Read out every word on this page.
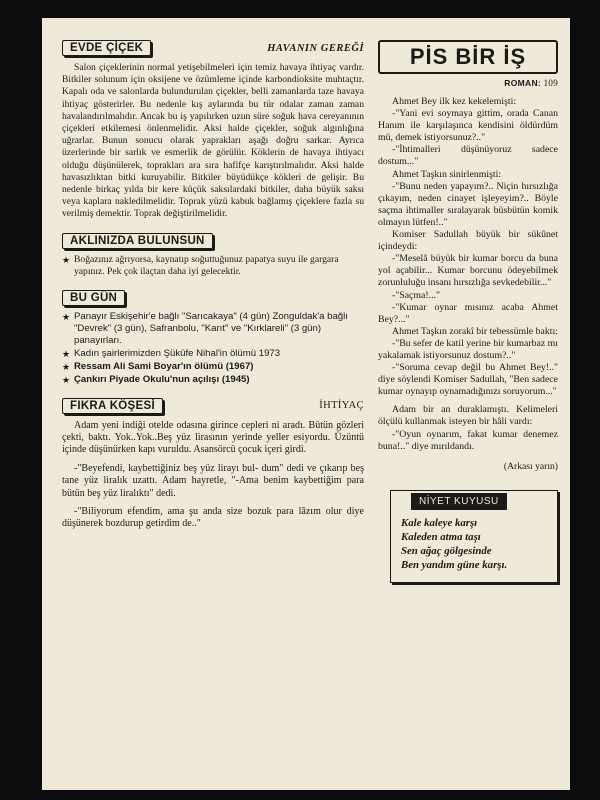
EVDE ÇİÇEK	HAVANIN GEREĞİ

Salon çiçeklerinin normal yetişebilmeleri için temiz havaya ihtiyaç vardır. Bitkiler solunum için oksijene ve özümleme içinde karbondioksite muhtaçtır. Kapalı oda ve salonlarda bulundurulan çiçekler, belli zamanlarda taze havaya ihtiyaç gösterirler. Bu nedenle kış aylarında bu tür odalar zaman zaman havalandırılmalıdır. Ancak bu iş yapılırken uzun süre soğuk hava cereyanının çiçekleri etkilemesi önlenmelidir. Aksi halde çiçekler, soğuk algınlığına uğrarlar. Bunun sonucu olarak yaprakları aşağı doğru sarkar. Ayrıca üzerlerinde bir sarlık ve esmerlik de görülür. Köklerin de havaya ihtiyacı olduğu düşünülerek, toprakları ara sıra hafifçe karıştırılmalıdır. Aksi halde havasızlıktan bitki kuruyabilir. Bitkiler büyüdükçe kökleri de gelişir. Bu nedenle birkaç yılda bir kere küçük saksılardaki bitkiler, daha büyük saksı veya kaplara nakledilmelidir. Toprak yüzü kabuk bağlamış çiçeklere fazla su verilmiş demektir. Toprak değiştirilmelidir.

AKLINIZDA BULUNSUN
★ Boğazınız ağrıyorsa, kaynatıp soğuttuğunuz papatya suyu ile gargara yapınız. Pek çok ilaçtan daha iyi gelecektir.
BU GÜN
★ Panayır Eskişehir'e bağlı "Sarıcakaya" (4 gün) Zonguldak'a bağlı "Devrek" (3 gün), Safranbolu, "Karıt" ve "Kırklareli" (3 gün) panayırları.
★ Kadın şairlerimizden Şüküfe Nihal'in ölümü 1973
★ Ressam Ali Sami Boyar'ın ölümü (1967)
★ Çankırı Piyade Okulu'nun açılışı (1945)
FIKRA KÖŞESİ	İHTİYAÇ

Adam yeni indiği otelde odasına girince cepleri ni aradı. Bütün gözleri çekti, baktı. Yok..Yok..Beş yüz lirasının yerinde yeller esiyordu. Üzüntü içinde düşünürken kapı vuruldu. Asansörcü çocuk içeri girdi.

-"Beyefendi, kaybettiğiniz beş yüz lirayı bul- dum" dedi ve çıkarıp beş tane yüz liralık uzattı. Adam hayretle, "-Ama benim kaybettiğim para bütün beş yüz liralıktı" dedi.

-"Biliyorum efendim, ama şu anda size bozuk para lâzım olur diye düşünerek bozdurup getirdim de.."

PİS BİR İŞ
ROMAN: 109

Ahmet Bey ilk kez kekelemişti:

-"Yani evi soymaya gittim, orada Canan Hanım ile karşılaşınca kendisini öldürdüm mü, demek istiyorsunuz?.."

-"İhtimalleri düşünüyoruz sadece dostum..."

Ahmet Taşkın sinirlenmişti:

-"Bunu neden yapayım?.. Niçin hırsızlığa çıkayım, neden cinayet işleyeyim?.. Böyle saçma ihtimaller sıralayarak büsbütün komik olmayın lütfen!.."

Komiser Sadullah büyük bir sükûnet içindeydi:

-"Meselâ büyük bir kumar borcu da buna yol açabilir... Kumar borcunu ödeyebilmek zorunluluğu insanı hırsızlığa sevkedebilir..."

-"Saçma!..."

-"Kumar oynar mısınız acaba Ahmet Bey?..."

Ahmet Taşkın zorakî bir tebessümle baktı:

-"Bu sefer de katil yerine bir kumarbaz mı yakalamak istiyorsunuz dostum?.."

-"Soruma cevap değil bu Ahmet Bey!.." diye söylendi Komiser Sadullah, "Ben sadece kumar oynayıp oynamadığınızı soruyorum..."

Adam bir an duraklamıştı. Kelimeleri ölçülü kullanmak isteyen bir hâli vardı:

-"Oyun oynarım, fakat kumar denemez buna!.." diye mırıldandı.

(Arkası yarın)
NİYET KUYUSU
Kale kaleye karşı
Kaleden atma taşı
Sen ağaç gölgesinde
Ben yandım güne karşı.
